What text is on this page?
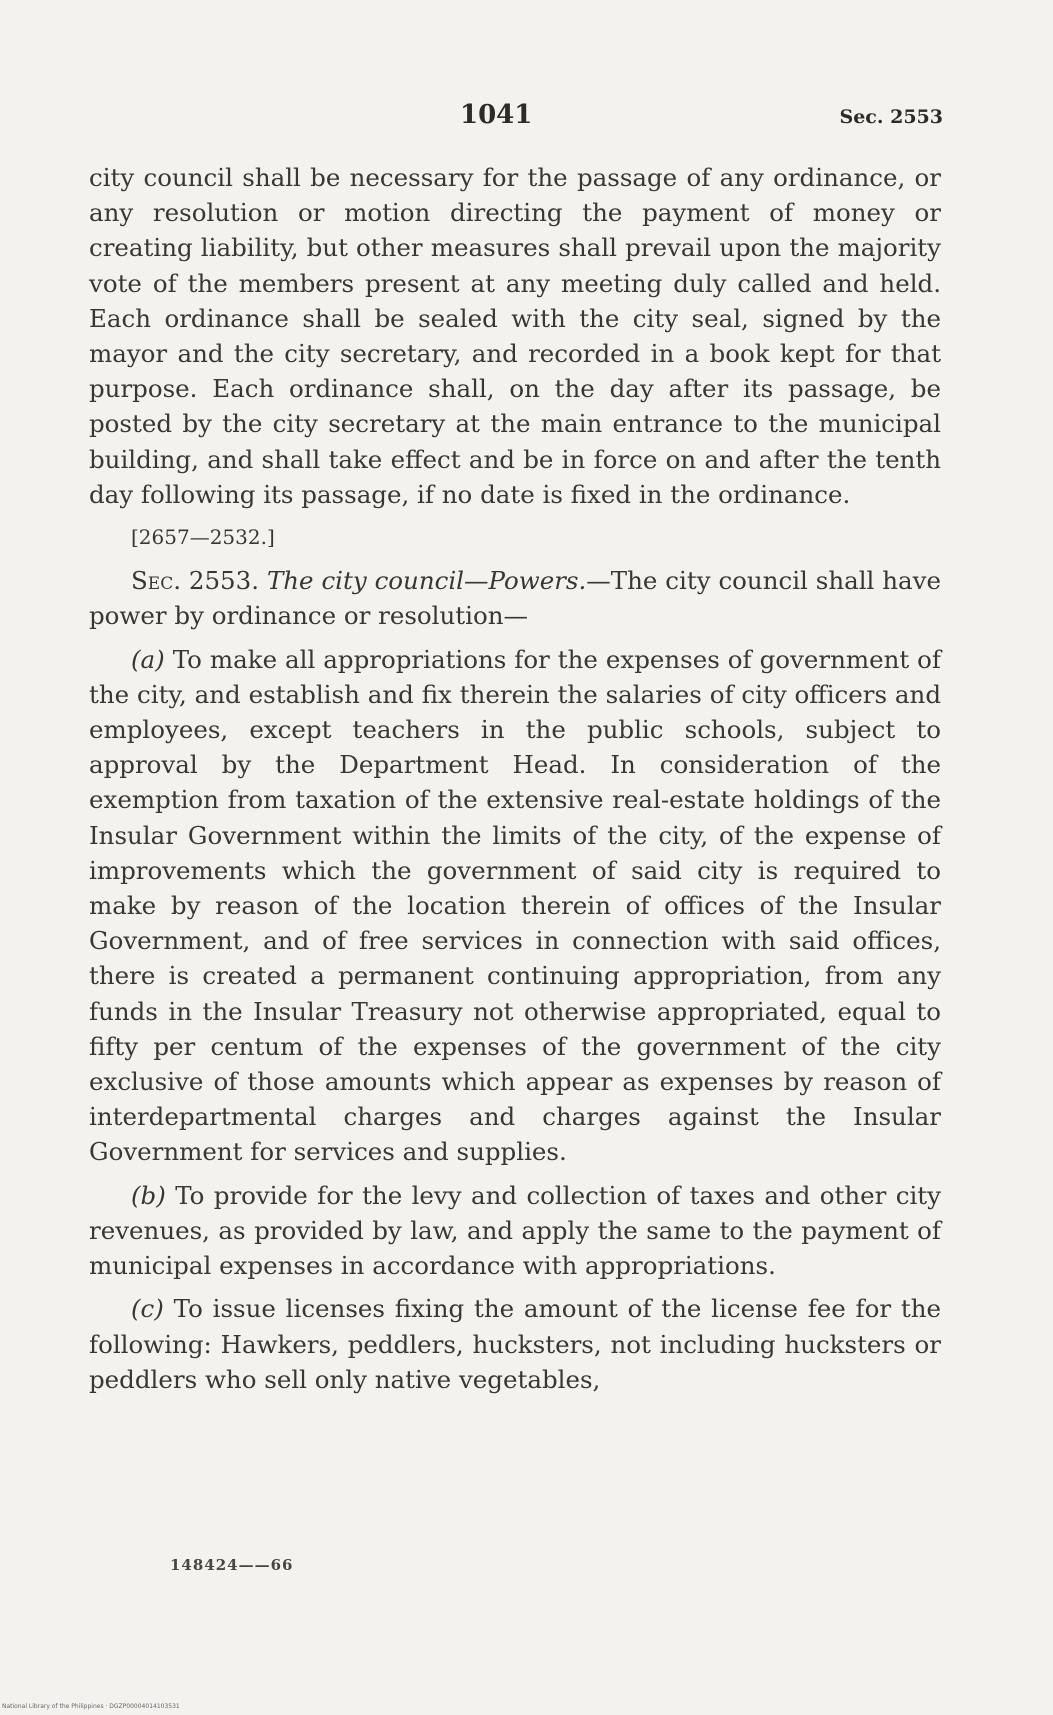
1041	Sec. 2553

city council shall be necessary for the passage of any ordinance, or any resolution or motion directing the payment of money or creating liability, but other measures shall prevail upon the majority vote of the members present at any meeting duly called and held. Each ordinance shall be sealed with the city seal, signed by the mayor and the city secretary, and recorded in a book kept for that purpose. Each ordinance shall, on the day after its passage, be posted by the city secretary at the main entrance to the municipal building, and shall take effect and be in force on and after the tenth day following its passage, if no date is fixed in the ordinance.

[2657—2532.]

Sec. 2553. The city council—Powers.—The city council shall have power by ordinance or resolution—

(a) To make all appropriations for the expenses of government of the city, and establish and fix therein the salaries of city officers and employees, except teachers in the public schools, subject to approval by the Department Head. In consideration of the exemption from taxation of the extensive real-estate holdings of the Insular Government within the limits of the city, of the expense of improvements which the government of said city is required to make by reason of the location therein of offices of the Insular Government, and of free services in connection with said offices, there is created a permanent continuing appropriation, from any funds in the Insular Treasury not otherwise appropriated, equal to fifty per centum of the expenses of the government of the city exclusive of those amounts which appear as expenses by reason of interdepartmental charges and charges against the Insular Government for services and supplies.

(b) To provide for the levy and collection of taxes and other city revenues, as provided by law, and apply the same to the payment of municipal expenses in accordance with appropriations.

(c) To issue licenses fixing the amount of the license fee for the following: Hawkers, peddlers, hucksters, not including hucksters or peddlers who sell only native vegetables,

148424——66
National Library of the Philippines · DGZP00004014103531
